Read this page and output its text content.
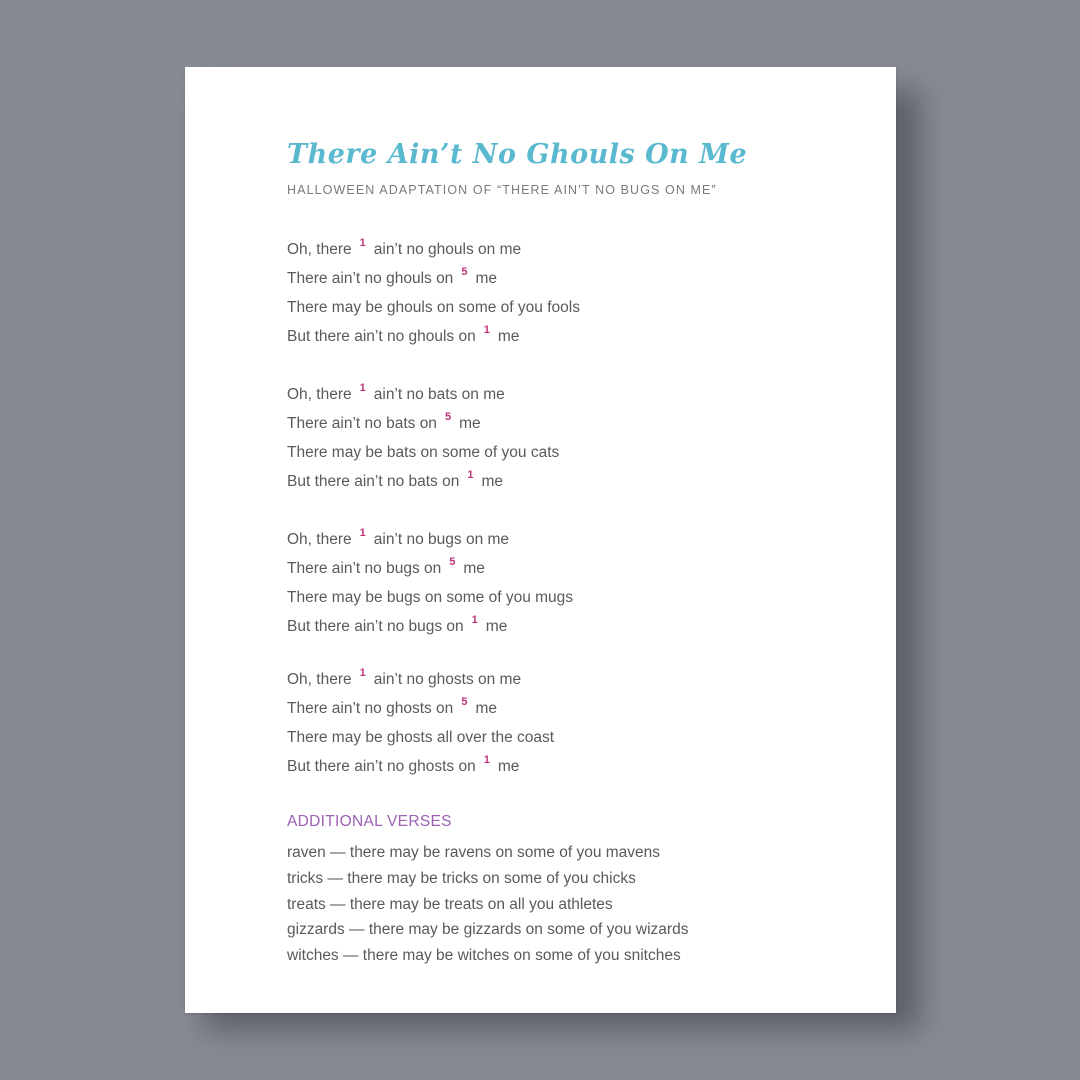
There Ain’t No Ghouls On Me
HALLOWEEN ADAPTATION OF “THERE AIN’T NO BUGS ON ME”
Oh, there 1 ain’t no ghouls on me
There ain’t no ghouls on 5 me
There may be ghouls on some of you fools
But there ain’t no ghouls on 1 me
Oh, there 1 ain’t no bats on me
There ain’t no bats on 5 me
There may be bats on some of you cats
But there ain’t no bats on 1 me
Oh, there 1 ain’t no bugs on me
There ain’t no bugs on 5 me
There may be bugs on some of you mugs
But there ain’t no bugs on 1 me
Oh, there 1 ain’t no ghosts on me
There ain’t no ghosts on 5 me
There may be ghosts all over the coast
But there ain’t no ghosts on 1 me
ADDITIONAL VERSES
raven — there may be ravens on some of you mavens
tricks — there may be tricks on some of you chicks
treats — there may be treats on all you athletes
gizzards — there may be gizzards on some of you wizards
witches — there may be witches on some of you snitches
